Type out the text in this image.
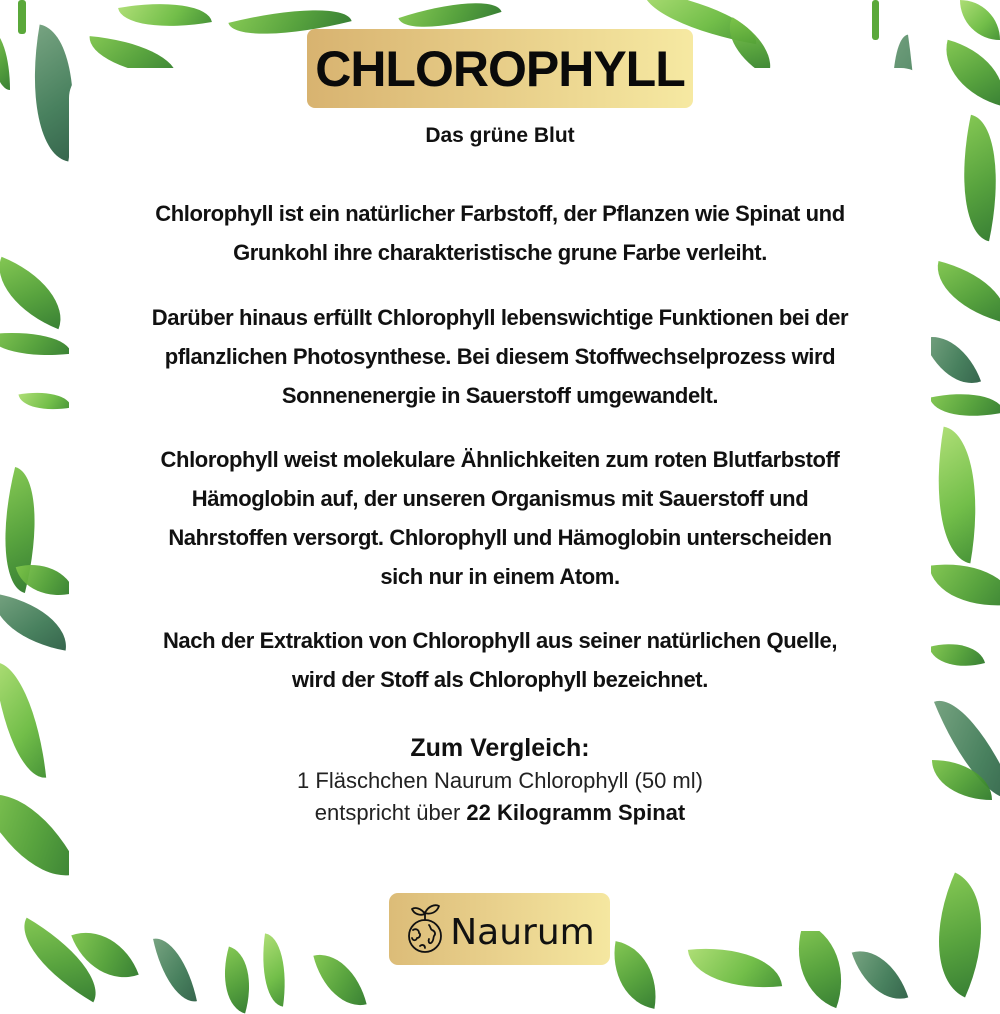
CHLOROPHYLL

Das grüne Blut

Chlorophyll ist ein natürlicher Farbstoff, der Pflanzen wie Spinat und
Grunkohl ihre charakteristische grune Farbe verleiht.
Darüber hinaus erfüllt Chlorophyll lebenswichtige Funktionen bei der
pflanzlichen Photosynthese. Bei diesem Stoffwechselprozess wird
Sonnenenergie in Sauerstoff umgewandelt.
Chlorophyll weist molekulare Ähnlichkeiten zum roten Blutfarbstoff
Hämoglobin auf, der unseren Organismus mit Sauerstoff und
Nahrstoffen versorgt. Chlorophyll und Hämoglobin unterscheiden
sich nur in einem Atom.
Nach der Extraktion von Chlorophyll aus seiner natürlichen Quelle,
wird der Stoff als Chlorophyll bezeichnet.
Zum Vergleich:
1 Fläschchen Naurum Chlorophyll (50 ml)
entspricht über 22 Kilogramm Spinat
Naurum
